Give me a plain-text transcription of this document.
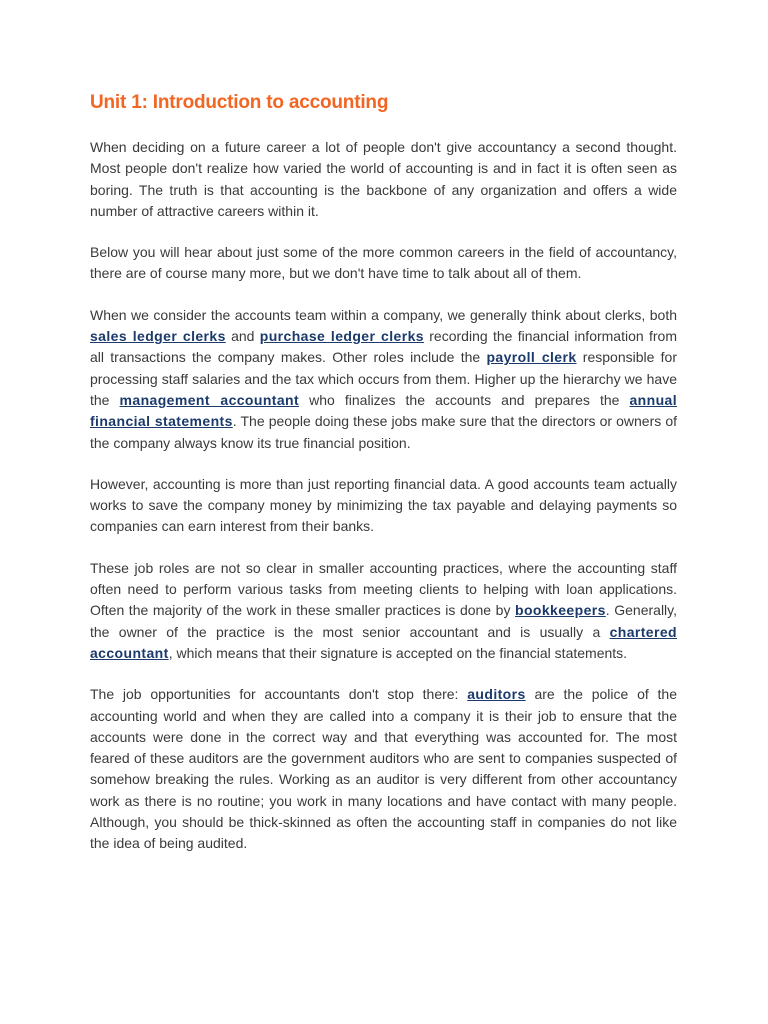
Unit 1: Introduction to accounting

When deciding on a future career a lot of people don't give accountancy a second thought. Most people don't realize how varied the world of accounting is and in fact it is often seen as boring. The truth is that accounting is the backbone of any organization and offers a wide number of attractive careers within it.

Below you will hear about just some of the more common careers in the field of accountancy, there are of course many more, but we don't have time to talk about all of them.

When we consider the accounts team within a company, we generally think about clerks, both sales ledger clerks and purchase ledger clerks recording the financial information from all transactions the company makes. Other roles include the payroll clerk responsible for processing staff salaries and the tax which occurs from them. Higher up the hierarchy we have the management accountant who finalizes the accounts and prepares the annual financial statements. The people doing these jobs make sure that the directors or owners of the company always know its true financial position.

However, accounting is more than just reporting financial data. A good accounts team actually works to save the company money by minimizing the tax payable and delaying payments so companies can earn interest from their banks.

These job roles are not so clear in smaller accounting practices, where the accounting staff often need to perform various tasks from meeting clients to helping with loan applications. Often the majority of the work in these smaller practices is done by bookkeepers. Generally, the owner of the practice is the most senior accountant and is usually a chartered accountant, which means that their signature is accepted on the financial statements.

The job opportunities for accountants don't stop there: auditors are the police of the accounting world and when they are called into a company it is their job to ensure that the accounts were done in the correct way and that everything was accounted for. The most feared of these auditors are the government auditors who are sent to companies suspected of somehow breaking the rules. Working as an auditor is very different from other accountancy work as there is no routine; you work in many locations and have contact with many people. Although, you should be thick-skinned as often the accounting staff in companies do not like the idea of being audited.
